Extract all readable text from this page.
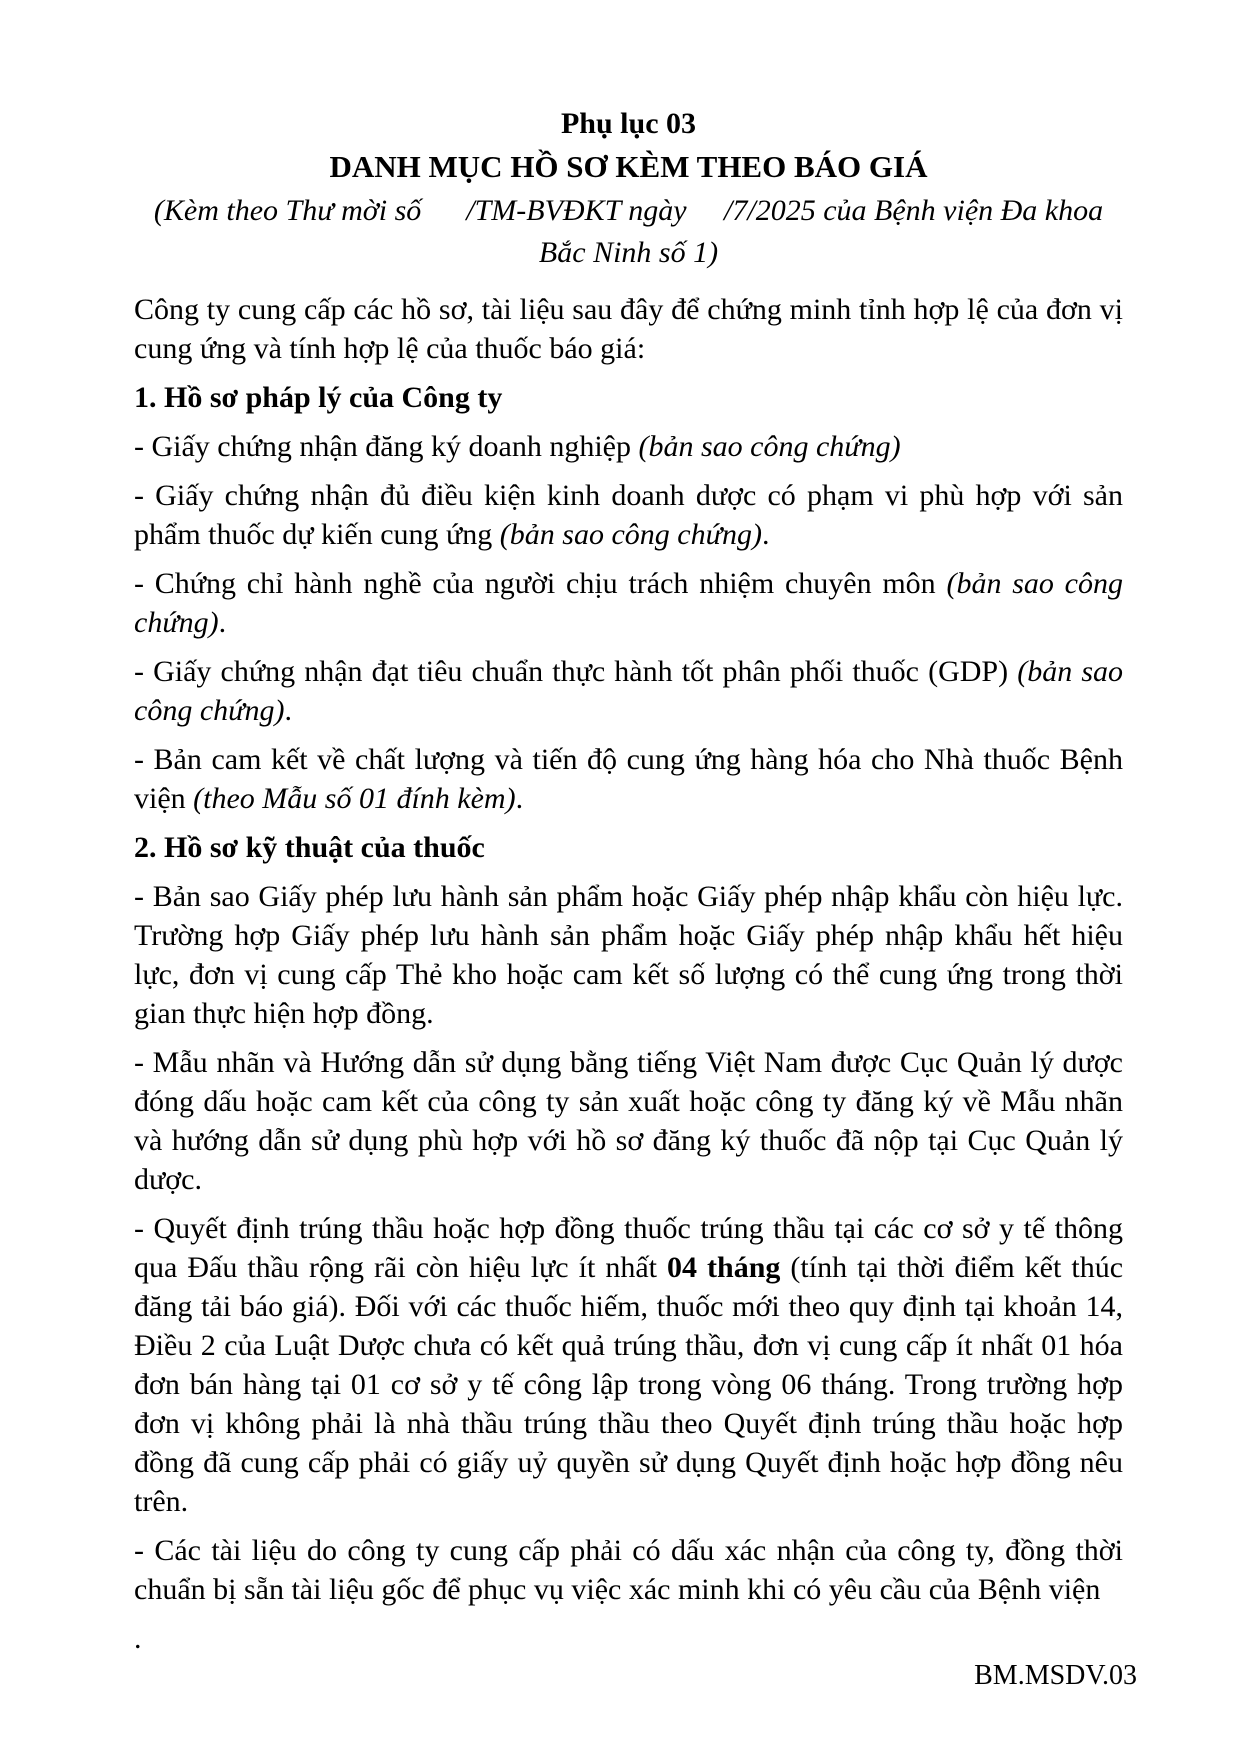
Phụ lục 03
DANH MỤC HỒ SƠ KÈM THEO BÁO GIÁ
(Kèm theo Thư mời số      /TM-BVĐKT ngày     /7/2025 của Bệnh viện Đa khoa Bắc Ninh số 1)

Công ty cung cấp các hồ sơ, tài liệu sau đây để chứng minh tỉnh hợp lệ của đơn vị cung ứng và tính hợp lệ của thuốc báo giá:

1. Hồ sơ pháp lý của Công ty

- Giấy chứng nhận đăng ký doanh nghiệp (bản sao công chứng)

- Giấy chứng nhận đủ điều kiện kinh doanh dược có phạm vi phù hợp với sản phẩm thuốc dự kiến cung ứng (bản sao công chứng).

- Chứng chỉ hành nghề của người chịu trách nhiệm chuyên môn (bản sao công chứng).

- Giấy chứng nhận đạt tiêu chuẩn thực hành tốt phân phối thuốc (GDP) (bản sao công chứng).

- Bản cam kết về chất lượng và tiến độ cung ứng hàng hóa cho Nhà thuốc Bệnh viện (theo Mẫu số 01 đính kèm).

2. Hồ sơ kỹ thuật của thuốc

- Bản sao Giấy phép lưu hành sản phẩm hoặc Giấy phép nhập khẩu còn hiệu lực. Trường hợp Giấy phép lưu hành sản phẩm hoặc Giấy phép nhập khẩu hết hiệu lực, đơn vị cung cấp Thẻ kho hoặc cam kết số lượng có thể cung ứng trong thời gian thực hiện hợp đồng.

- Mẫu nhãn và Hướng dẫn sử dụng bằng tiếng Việt Nam được Cục Quản lý dược đóng dấu hoặc cam kết của công ty sản xuất hoặc công ty đăng ký về Mẫu nhãn và hướng dẫn sử dụng phù hợp với hồ sơ đăng ký thuốc đã nộp tại Cục Quản lý dược.

- Quyết định trúng thầu hoặc hợp đồng thuốc trúng thầu tại các cơ sở y tế thông qua Đấu thầu rộng rãi còn hiệu lực ít nhất 04 tháng (tính tại thời điểm kết thúc đăng tải báo giá). Đối với các thuốc hiếm, thuốc mới theo quy định tại khoản 14, Điều 2 của Luật Dược chưa có kết quả trúng thầu, đơn vị cung cấp ít nhất 01 hóa đơn bán hàng tại 01 cơ sở y tế công lập trong vòng 06 tháng. Trong trường hợp đơn vị không phải là nhà thầu trúng thầu theo Quyết định trúng thầu hoặc hợp đồng đã cung cấp phải có giấy uỷ quyền sử dụng Quyết định hoặc hợp đồng nêu trên.

- Các tài liệu do công ty cung cấp phải có dấu xác nhận của công ty, đồng thời chuẩn bị sẵn tài liệu gốc để phục vụ việc xác minh khi có yêu cầu của Bệnh viện

.

BM.MSDV.03
